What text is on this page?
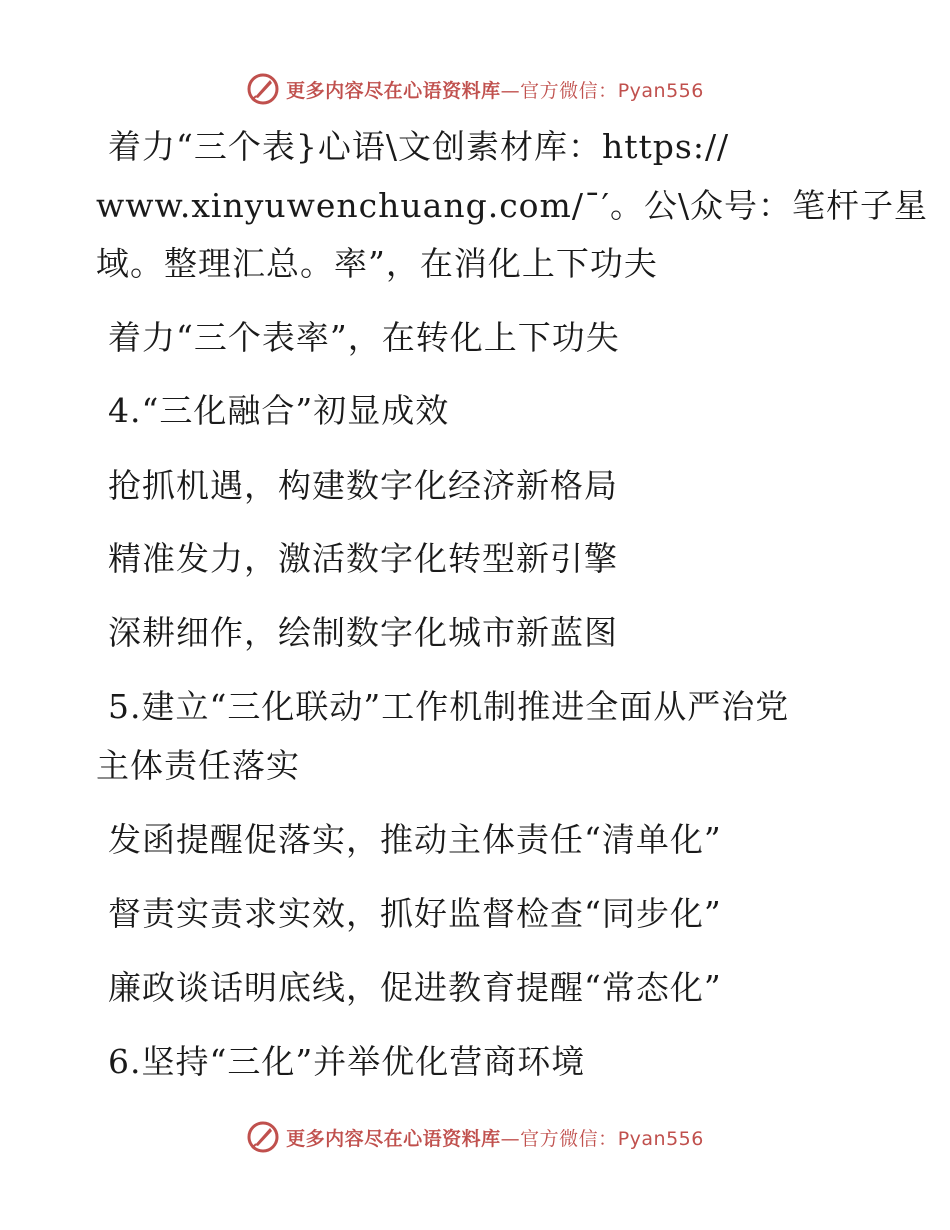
更多内容尽在心语资料库—官方微信：Pyan556
着力“三个表}心语\文创素材库：https://
www.xinyuwenchuang.com/¯′。公\众号：笔杆子星
域。整理汇总。率”，在消化上下功夫
着力“三个表率”，在转化上下功失
4.“三化融合”初显成效
抢抓机遇，构建数字化经济新格局
精准发力，激活数字化转型新引擎
深耕细作，绘制数字化城市新蓝图
5.建立“三化联动”工作机制推进全面从严治党
主体责任落实
发函提醒促落实，推动主体责任“清单化”
督责实责求实效，抓好监督检查“同步化”
廉政谈话明底线，促进教育提醒“常态化”
6.坚持“三化”并举优化营商环境
更多内容尽在心语资料库—官方微信：Pyan556
